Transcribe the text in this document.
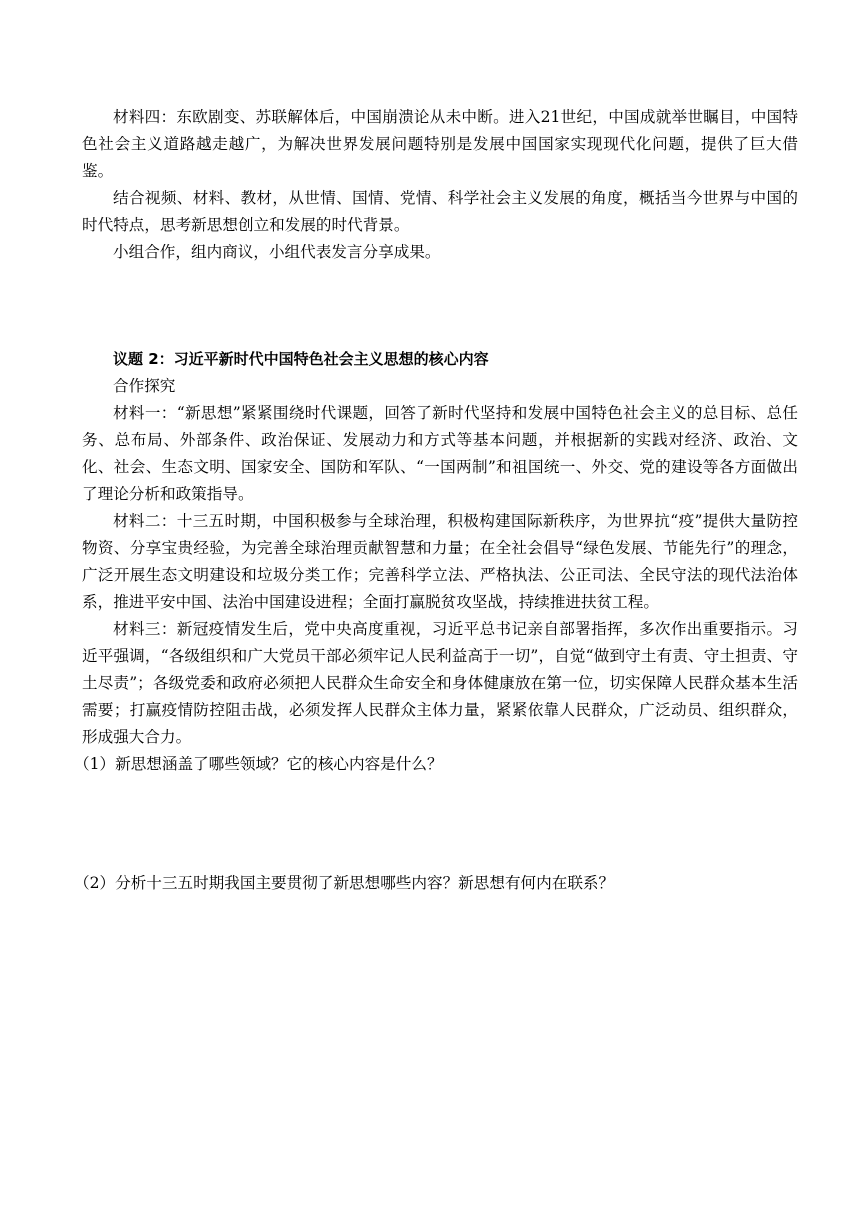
材料四：东欧剧变、苏联解体后，中国崩溃论从未中断。进入21世纪，中国成就举世瞩目，中国特色社会主义道路越走越广，为解决世界发展问题特别是发展中国国家实现现代化问题，提供了巨大借鉴。

结合视频、材料、教材，从世情、国情、党情、科学社会主义发展的角度，概括当今世界与中国的时代特点，思考新思想创立和发展的时代背景。

小组合作，组内商议，小组代表发言分享成果。

议题 2：习近平新时代中国特色社会主义思想的核心内容

合作探究

材料一：“新思想”紧紧围绕时代课题，回答了新时代坚持和发展中国特色社会主义的总目标、总任务、总布局、外部条件、政治保证、发展动力和方式等基本问题，并根据新的实践对经济、政治、文化、社会、生态文明、国家安全、国防和军队、“一国两制”和祖国统一、外交、党的建设等各方面做出了理论分析和政策指导。

材料二：十三五时期，中国积极参与全球治理，积极构建国际新秩序，为世界抗“疫”提供大量防控物资、分享宝贵经验，为完善全球治理贡献智慧和力量；在全社会倡导“绿色发展、节能先行”的理念，广泛开展生态文明建设和垃圾分类工作；完善科学立法、严格执法、公正司法、全民守法的现代法治体系，推进平安中国、法治中国建设进程；全面打赢脱贫攻坚战，持续推进扶贫工程。

材料三：新冠疫情发生后，党中央高度重视，习近平总书记亲自部署指挥，多次作出重要指示。习近平强调，“各级组织和广大党员干部必须牢记人民利益高于一切”，自觉“做到守土有责、守土担责、守土尽责”；各级党委和政府必须把人民群众生命安全和身体健康放在第一位，切实保障人民群众基本生活需要；打赢疫情防控阻击战，必须发挥人民群众主体力量，紧紧依靠人民群众，广泛动员、组织群众，形成强大合力。

（1）新思想涵盖了哪些领域？它的核心内容是什么？

（2）分析十三五时期我国主要贯彻了新思想哪些内容？新思想有何内在联系？
